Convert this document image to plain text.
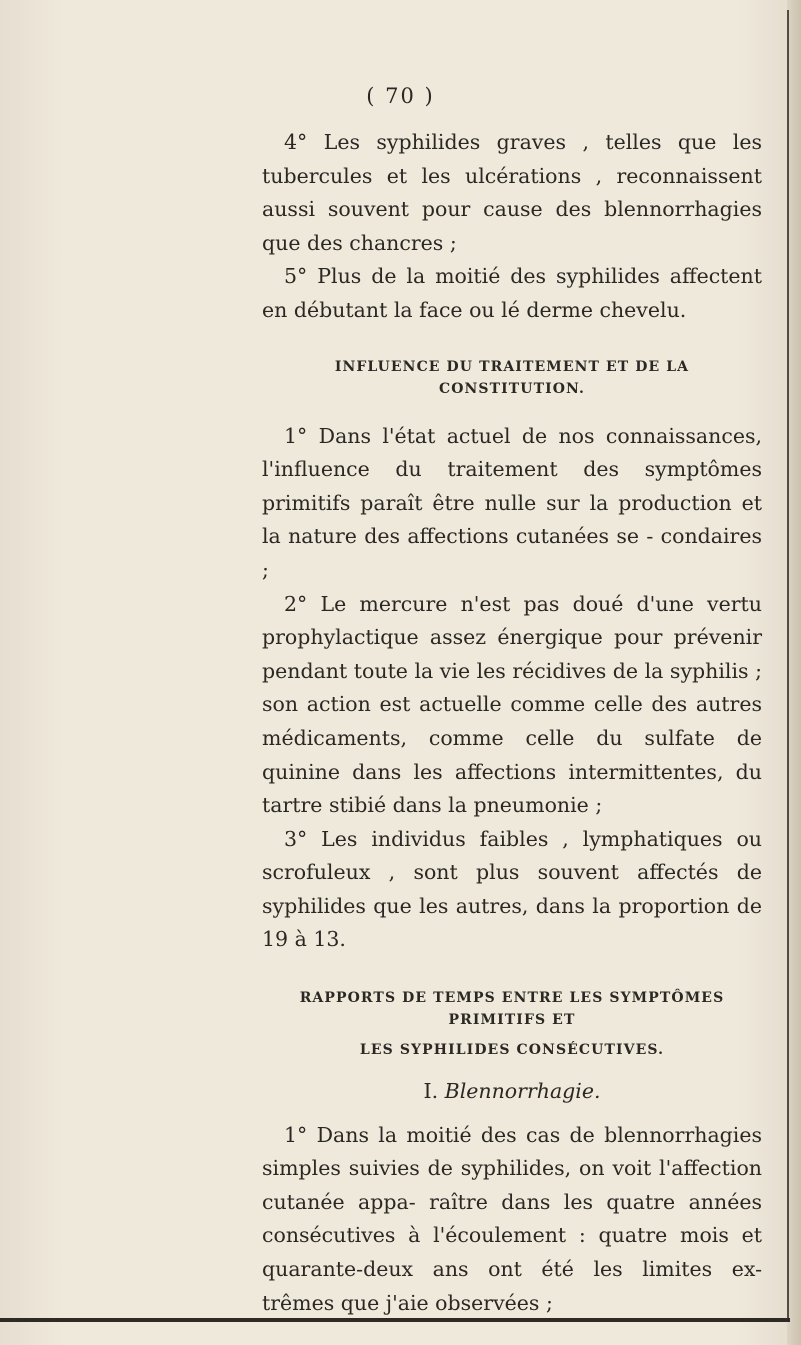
( 70 )

4° Les syphilides graves , telles que les tubercules et les ulcérations , reconnaissent aussi souvent pour cause des blennorrhagies que des chancres ;

5° Plus de la moitié des syphilides affectent en débutant la face ou lé derme chevelu.

INFLUENCE DU TRAITEMENT ET DE LA CONSTITUTION.

1° Dans l'état actuel de nos connaissances, l'influence du traitement des symptômes primitifs paraît être nulle sur la production et la nature des affections cutanées se - condaires ;

2° Le mercure n'est pas doué d'une vertu prophylactique assez énergique pour prévenir pendant toute la vie les récidives de la syphilis ; son action est actuelle comme celle des autres médicaments, comme celle du sulfate de quinine dans les affections intermittentes, du tartre stibié dans la pneumonie ;

3° Les individus faibles , lymphatiques ou scrofuleux , sont plus souvent affectés de syphilides que les autres, dans la proportion de 19 à 13.

RAPPORTS DE TEMPS ENTRE LES SYMPTÔMES PRIMITIFS ET

LES SYPHILIDES CONSÉCUTIVES.

I. Blennorrhagie.

1° Dans la moitié des cas de blennorrhagies simples suivies de syphilides, on voit l'affection cutanée appa- raître dans les quatre années consécutives à l'écoulement : quatre mois et quarante-deux ans ont été les limites ex- trêmes que j'aie observées ;
